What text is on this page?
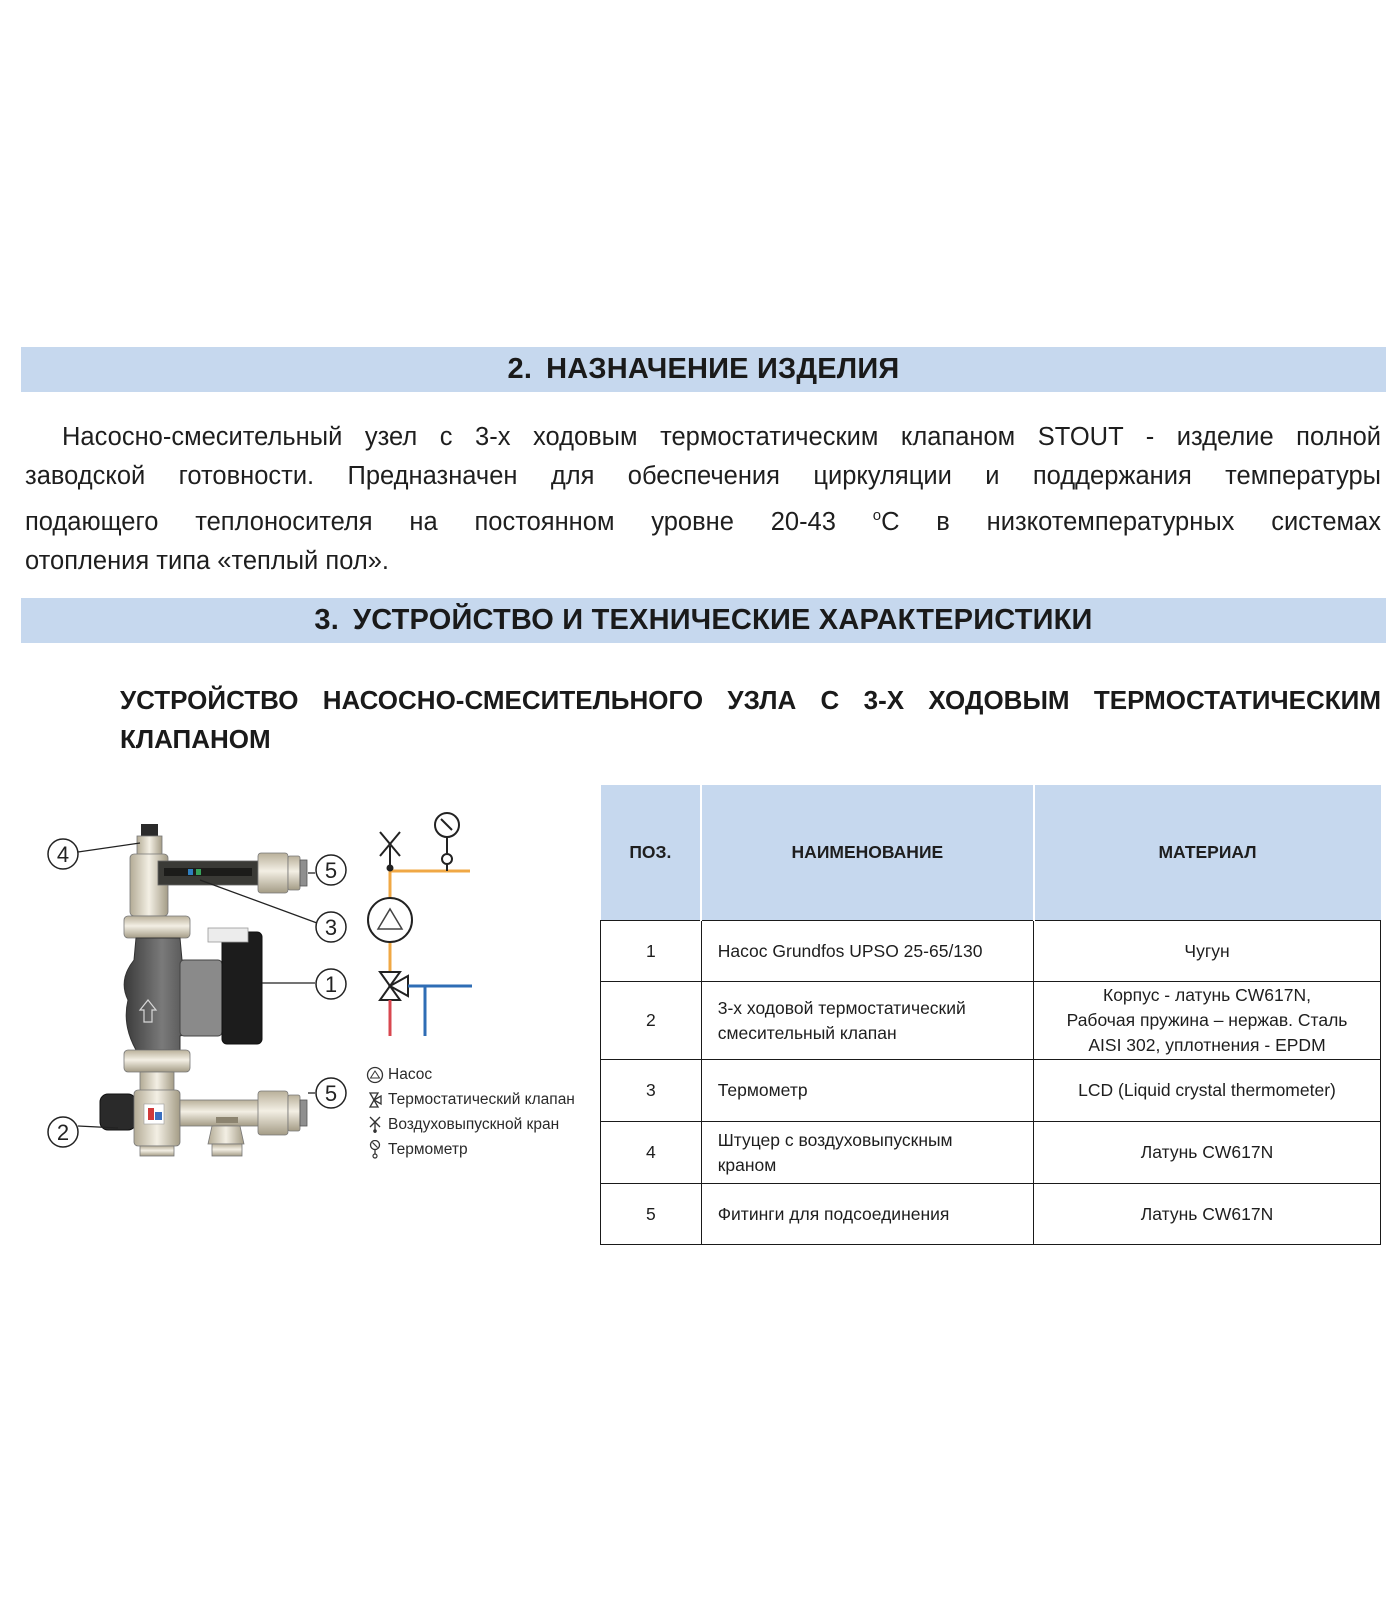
2. НАЗНАЧЕНИЕ ИЗДЕЛИЯ
Насосно-смесительный узел с 3-х ходовым термостатическим клапаном STOUT - изделие полной
заводской готовности. Предназначен для обеспечения циркуляции и поддержания температуры
подающего теплоносителя на постоянном уровне 20-43 $^о$С в низкотемпературных системах
отопления типа «теплый пол».
3. УСТРОЙСТВО И ТЕХНИЧЕСКИЕ ХАРАКТЕРИСТИКИ
УСТРОЙСТВО НАСОСНО-СМЕСИТЕЛЬНОГО УЗЛА С 3-Х ХОДОВЫМ ТЕРМОСТАТИЧЕСКИМ
КЛАПАНОМ
4
5
3
1
5
2
Насос
Термостатический клапан
Воздуховыпускной кран
Термометр
ПОЗ.	НАИМЕНОВАНИЕ	МАТЕРИАЛ
1	Насос Grundfos UPSO 25-65/130	Чугун
2	3-х ходовой термостатический
смесительный клапан	Корпус - латунь CW617N,
Рабочая пружина – нержав. Сталь
AISI 302, уплотнения - EPDM
3	Термометр	LCD (Liquid crystal thermometer)
4	Штуцер с воздуховыпускным
краном	Латунь CW617N
5	Фитинги для подсоединения	Латунь CW617N
